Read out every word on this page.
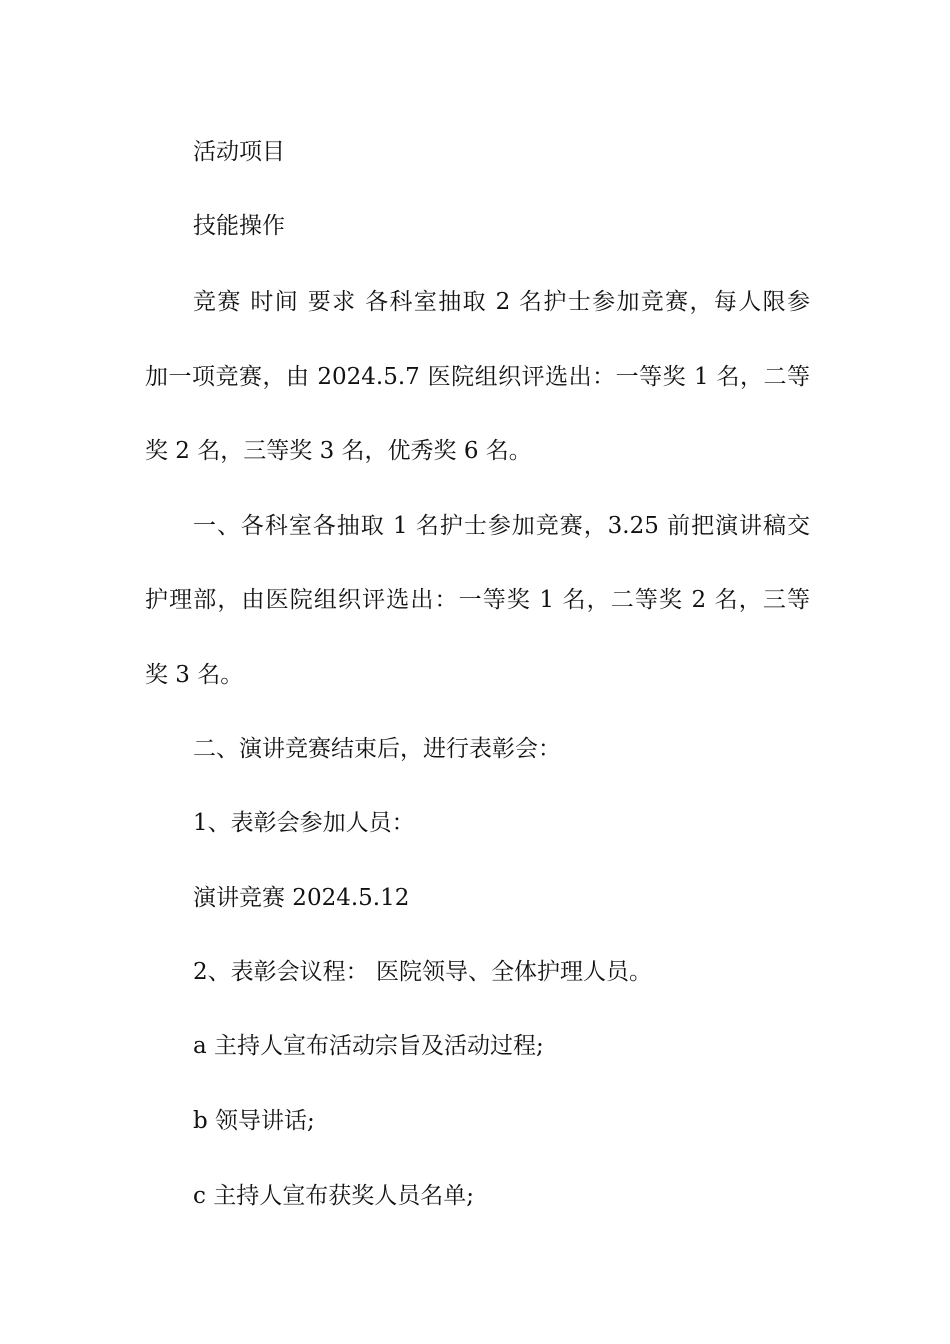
活动项目
技能操作
竞赛 时间 要求 各科室抽取 2 名护士参加竞赛，每人限参
加一项竞赛，由 2024.5.7 医院组织评选出：一等奖 1 名，二等
奖 2 名，三等奖 3 名，优秀奖 6 名。
一、各科室各抽取 1 名护士参加竞赛，3.25 前把演讲稿交
护理部，由医院组织评选出：一等奖 1 名，二等奖 2 名，三等
奖 3 名。
二、演讲竞赛结束后，进行表彰会：
1、表彰会参加人员：
演讲竞赛 2024.5.12
2、表彰会议程： 医院领导、全体护理人员。
a 主持人宣布活动宗旨及活动过程;
b 领导讲话;
c 主持人宣布获奖人员名单;
